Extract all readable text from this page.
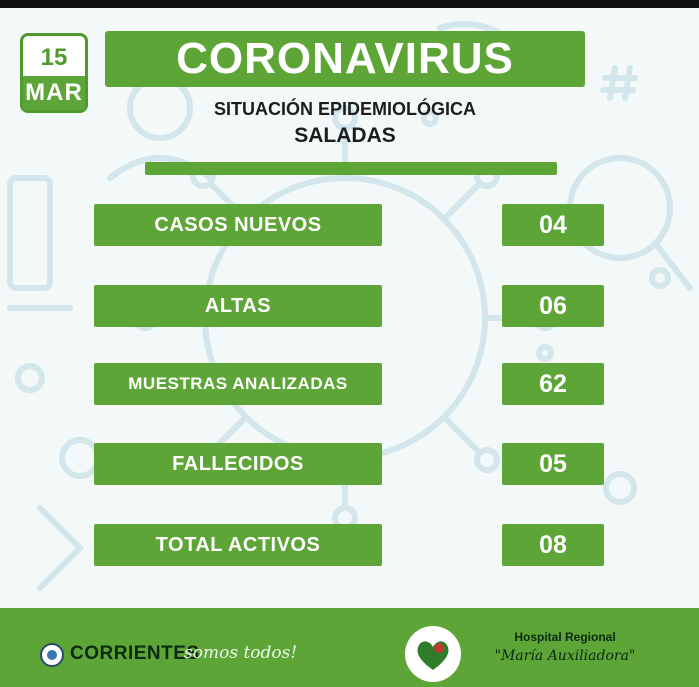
15
MAR
CORONAVIRUS
SITUACIÓN EPIDEMIOLÓGICA
SALADAS
CASOS NUEVOS	04
ALTAS	06
MUESTRAS ANALIZADAS	62
FALLECIDOS	05
TOTAL ACTIVOS	08
CORRIENTES
somos todos!
Hospital Regional
"María Auxiliadora"
